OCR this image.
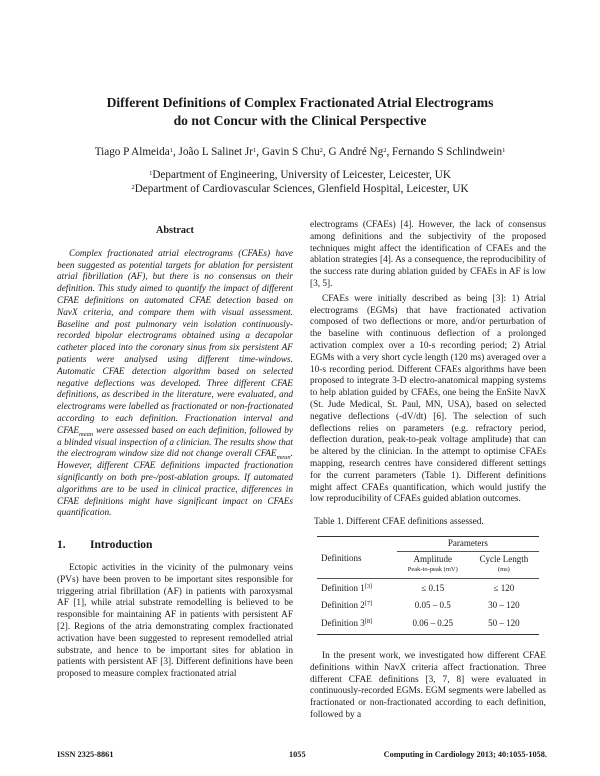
Different Definitions of Complex Fractionated Atrial Electrograms
do not Concur with the Clinical Perspective
Tiago P Almeida$^1$, João L Salinet Jr$^1$, Gavin S Chu$^2$, G André Ng$^2$, Fernando S Schlindwein$^1$
$^1$Department of Engineering, University of Leicester, Leicester, UK
$^2$Department of Cardiovascular Sciences, Glenfield Hospital, Leicester, UK
Abstract

Complex fractionated atrial electrograms (CFAEs) have been suggested as potential targets for ablation for persistent atrial fibrillation (AF), but there is no consensus on their definition. This study aimed to quantify the impact of different CFAE definitions on automated CFAE detection based on NavX criteria, and compare them with visual assessment. Baseline and post pulmonary vein isolation continuously-recorded bipolar electrograms obtained using a decapolar catheter placed into the coronary sinus from six persistent AF patients were analysed using different time-windows. Automatic CFAE detection algorithm based on selected negative deflections was developed. Three different CFAE definitions, as described in the literature, were evaluated, and electrograms were labelled as fractionated or non-fractionated according to each definition. Fractionation interval and $CFAE_{mean}$ were assessed based on each definition, followed by a blinded visual inspection of a clinician. The results show that the electrogram window size did not change overall $CFAE_{mean}$. However, different CFAE definitions impacted fractionation significantly on both pre-/post-ablation groups. If automated algorithms are to be used in clinical practice, differences in CFAE definitions might have significant impact on CFAEs quantification.

1. Introduction

Ectopic activities in the vicinity of the pulmonary veins (PVs) have been proven to be important sites responsible for triggering atrial fibrillation (AF) in patients with paroxysmal AF [1], while atrial substrate remodelling is believed to be responsible for maintaining AF in patients with persistent AF [2]. Regions of the atria demonstrating complex fractionated activation have been suggested to represent remodelled atrial substrate, and hence to be important sites for ablation in patients with persistent AF [3]. Different definitions have been proposed to measure complex fractionated atrial

electrograms (CFAEs) [4]. However, the lack of consensus among definitions and the subjectivity of the proposed techniques might affect the identification of CFAEs and the ablation strategies [4]. As a consequence, the reproducibility of the success rate during ablation guided by CFAEs in AF is low [3, 5].

CFAEs were initially described as being [3]: 1) Atrial electrograms (EGMs) that have fractionated activation composed of two deflections or more, and/or perturbation of the baseline with continuous deflection of a prolonged activation complex over a 10-s recording period; 2) Atrial EGMs with a very short cycle length (120 ms) averaged over a 10-s recording period. Different CFAEs algorithms have been proposed to integrate 3-D electro-anatomical mapping systems to help ablation guided by CFAEs, one being the EnSite NavX (St. Jude Medical, St. Paul, MN, USA), based on selected negative deflections (-dV/dt) [6]. The selection of such deflections relies on parameters (e.g. refractory period, deflection duration, peak-to-peak voltage amplitude) that can be altered by the clinician. In the attempt to optimise CFAEs mapping, research centres have considered different settings for the current parameters (Table 1). Different definitions might affect CFAEs quantification, which would justify the low reproducibility of CFAEs guided ablation outcomes.

Table 1. Different CFAE definitions assessed.
	Parameters	
Definitions	Amplitude	Cycle Length
	Peak-to-peak (mV)	(ms)
Definition 1[3]	≤ 0.15	≤ 120
Definition 2[7]	0.05 – 0.5	30 – 120
Definition 3[8]	0.06 – 0.25	50 – 120

In the present work, we investigated how different CFAE definitions within NavX criteria affect fractionation. Three different CFAE definitions [3, 7, 8] were evaluated in continuously-recorded EGMs. EGM segments were labelled as fractionated or non-fractionated according to each definition, followed by a

ISSN 2325-8861	1055	Computing in Cardiology 2013; 40:1055-1058.
